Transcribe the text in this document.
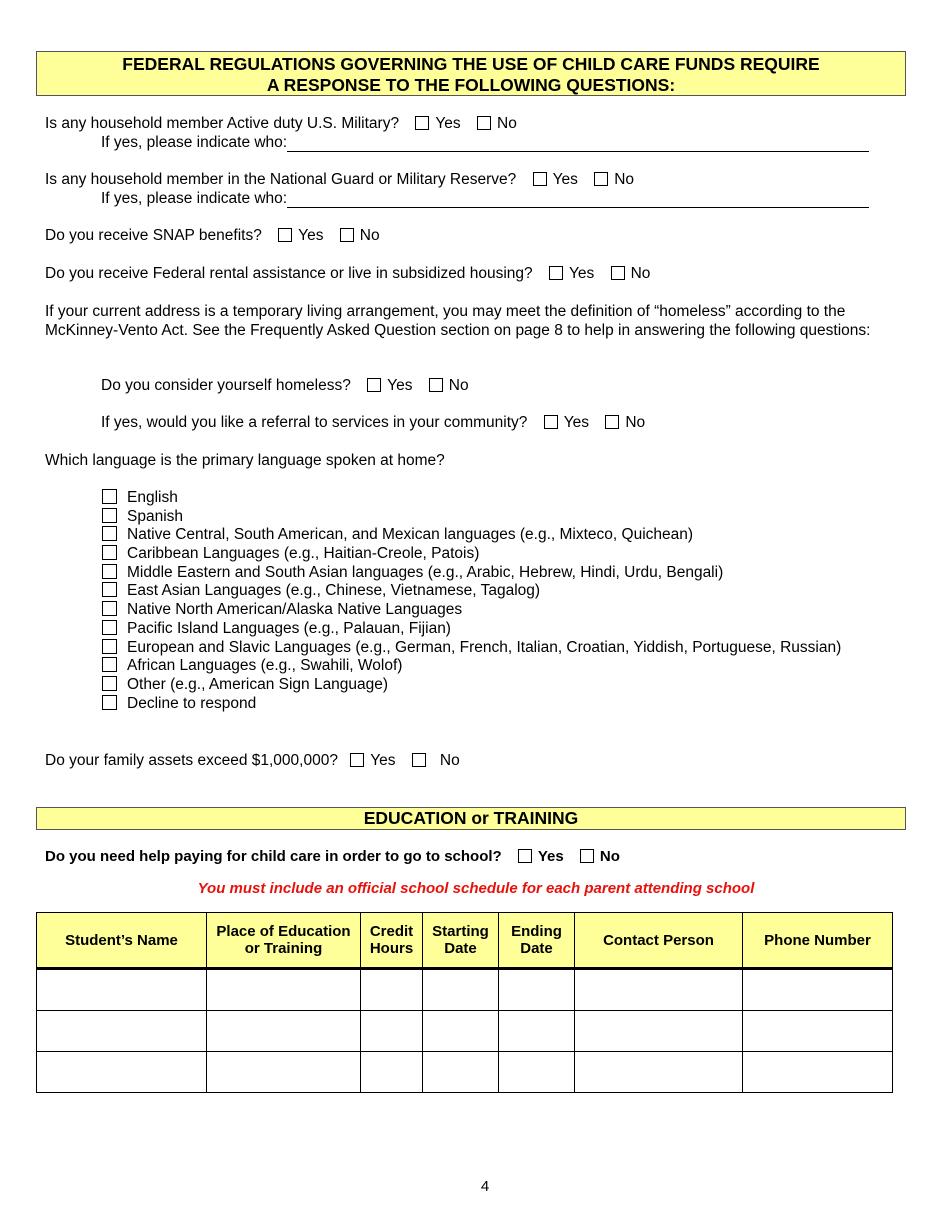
FEDERAL REGULATIONS GOVERNING THE USE OF CHILD CARE FUNDS REQUIRE
A RESPONSE TO THE FOLLOWING QUESTIONS:
Is any household member Active duty U.S. Military? Yes No
If yes, please indicate who:
Is any household member in the National Guard or Military Reserve? Yes No
If yes, please indicate who:
Do you receive SNAP benefits? Yes No
Do you receive Federal rental assistance or live in subsidized housing? Yes No
If your current address is a temporary living arrangement, you may meet the definition of “homeless” according to the McKinney-Vento Act. See the Frequently Asked Question section on page 8 to help in answering the following questions:
Do you consider yourself homeless? Yes No
If yes, would you like a referral to services in your community? Yes No
Which language is the primary language spoken at home?
English
Spanish
Native Central, South American, and Mexican languages (e.g., Mixteco, Quichean)
Caribbean Languages (e.g., Haitian-Creole, Patois)
Middle Eastern and South Asian languages (e.g., Arabic, Hebrew, Hindi, Urdu, Bengali)
East Asian Languages (e.g., Chinese, Vietnamese, Tagalog)
Native North American/Alaska Native Languages
Pacific Island Languages (e.g., Palauan, Fijian)
European and Slavic Languages (e.g., German, French, Italian, Croatian, Yiddish, Portuguese, Russian)
African Languages (e.g., Swahili, Wolof)
Other (e.g., American Sign Language)
Decline to respond
Do your family assets exceed $1,000,000? Yes	No
EDUCATION or TRAINING
Do you need help paying for child care in order to go to school? Yes No
You must include an official school schedule for each parent attending school
Student’s Name	Place of Education or Training	Credit Hours	Starting Date	Ending Date	Contact Person	Phone Number

4
